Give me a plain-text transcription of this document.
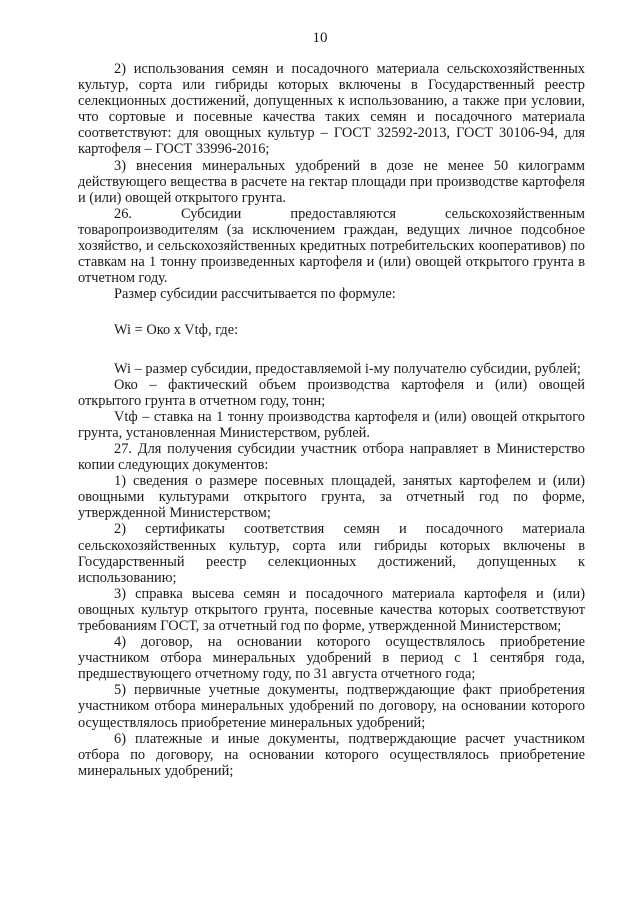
10

2) использования семян и посадочного материала сельскохозяйственных культур, сорта или гибриды которых включены в Государственный реестр селекционных достижений, допущенных к использованию, а также при условии, что сортовые и посевные качества таких семян и посадочного материала соответствуют: для овощных культур – ГОСТ 32592-2013, ГОСТ 30106-94, для картофеля – ГОСТ 33996-2016;

3) внесения минеральных удобрений в дозе не менее 50 килограмм действующего вещества в расчете на гектар площади при производстве картофеля и (или) овощей открытого грунта.

26. Субсидии предоставляются сельскохозяйственным товаропроизводителям (за исключением граждан, ведущих личное подсобное хозяйство, и сельскохозяйственных кредитных потребительских кооперативов) по ставкам на 1 тонну произведенных картофеля и (или) овощей открытого грунта в отчетном году.

Размер субсидии рассчитывается по формуле:

Wi = Око x Vtф, где:

Wi – размер субсидии, предоставляемой i-му получателю субсидии, рублей;

Око – фактический объем производства картофеля и (или) овощей открытого грунта в отчетном году, тонн;

Vtф – ставка на 1 тонну производства картофеля и (или) овощей открытого грунта, установленная Министерством, рублей.

27. Для получения субсидии участник отбора направляет в Министерство копии следующих документов:

1) сведения о размере посевных площадей, занятых картофелем и (или) овощными культурами открытого грунта, за отчетный год по форме, утвержденной Министерством;

2) сертификаты соответствия семян и посадочного материала сельскохозяйственных культур, сорта или гибриды которых включены в Государственный реестр селекционных достижений, допущенных к использованию;

3) справка высева семян и посадочного материала картофеля и (или) овощных культур открытого грунта, посевные качества которых соответствуют требованиям ГОСТ, за отчетный год по форме, утвержденной Министерством;

4) договор, на основании которого осуществлялось приобретение участником отбора минеральных удобрений в период с 1 сентября года, предшествующего отчетному году, по 31 августа отчетного года;

5) первичные учетные документы, подтверждающие факт приобретения участником отбора минеральных удобрений по договору, на основании которого осуществлялось приобретение минеральных удобрений;

6) платежные и иные документы, подтверждающие расчет участником отбора по договору, на основании которого осуществлялось приобретение минеральных удобрений;
